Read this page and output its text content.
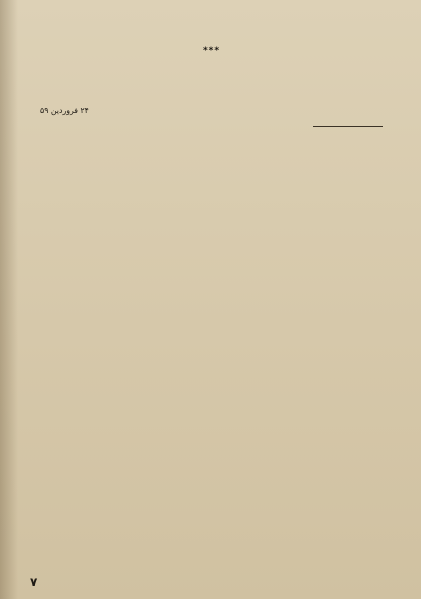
***

۲۴ فروردین ۵۹

۷
